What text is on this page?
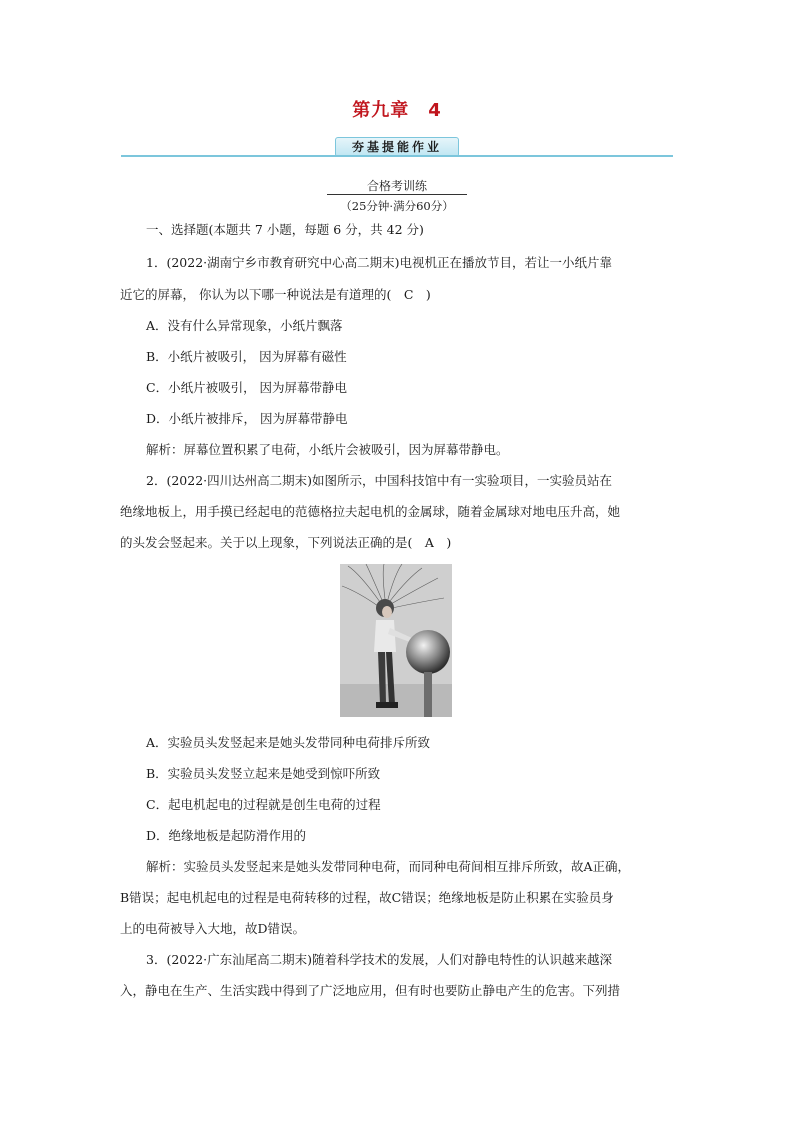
第九章　4
夯基提能作业
合格考训练
（25分钟·满分60分）
一、选择题(本题共 7 小题，每题 6 分，共 42 分)
1．(2022·湖南宁乡市教育研究中心高二期末)电视机正在播放节目，若让一小纸片靠
近它的屏幕， 你认为以下哪一种说法是有道理的(　C　)
A．没有什么异常现象，小纸片飘落
B．小纸片被吸引， 因为屏幕有磁性
C．小纸片被吸引， 因为屏幕带静电
D．小纸片被排斥， 因为屏幕带静电
解析：屏幕位置积累了电荷，小纸片会被吸引，因为屏幕带静电。
2．(2022·四川达州高二期末)如图所示，中国科技馆中有一实验项目，一实验员站在
绝缘地板上，用手摸已经起电的范德格拉夫起电机的金属球，随着金属球对地电压升高，她
的头发会竖起来。关于以上现象，下列说法正确的是(　A　)
A．实验员头发竖起来是她头发带同种电荷排斥所致
B．实验员头发竖立起来是她受到惊吓所致
C．起电机起电的过程就是创生电荷的过程
D．绝缘地板是起防滑作用的
解析：实验员头发竖起来是她头发带同种电荷，而同种电荷间相互排斥所致，故A正确，
B错误；起电机起电的过程是电荷转移的过程，故C错误；绝缘地板是防止积累在实验员身
上的电荷被导入大地，故D错误。
3．(2022·广东汕尾高二期末)随着科学技术的发展，人们对静电特性的认识越来越深
入，静电在生产、生活实践中得到了广泛地应用，但有时也要防止静电产生的危害。下列措
